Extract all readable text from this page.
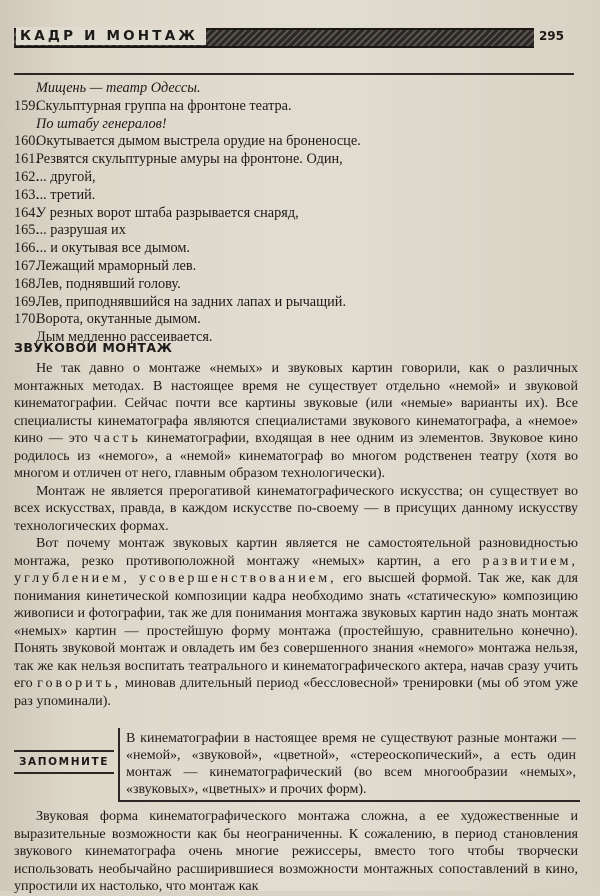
КАДР И МОНТАЖ	295
Мищень — театр Одессы.
159.Скульптурная группа на фронтоне театра.
По штабу генералов!
160.Окутывается дымом выстрела орудие на броненосце.
161.Резвятся скульптурные амуры на фронтоне. Один,
162.... другой,
163.... третий.
164.У резных ворот штаба разрывается снаряд,
165.... разрушая их
166.... и окутывая все дымом.
167.Лежащий мраморный лев.
168.Лев, поднявший голову.
169.Лев, приподнявшийся на задних лапах и рычащий.
170.Ворота, окутанные дымом.
Дым медленно рассеивается.
ЗВУКОВОЙ МОНТАЖ

Не так давно о монтаже «немых» и звуковых картин говорили, как о различных монтажных методах. В настоящее время не существует отдельно «немой» и звуковой кинематографии. Сейчас почти все картины звуковые (или «немые» варианты их). Все специалисты кинематографа являются специалистами звукового кинематографа, а «немое» кино — это часть кинематографии, входящая в нее одним из элементов. Звуковое кино родилось из «немого», а «немой» кинематограф во многом родственен театру (хотя во многом и отличен от него, главным образом технологически).

Монтаж не является прерогативой кинематографического искусства; он существует во всех искусствах, правда, в каждом искусстве по-своему — в присущих данному искусству технологических формах.

Вот почему монтаж звуковых картин является не самостоятельной разновидностью монтажа, резко противоположной монтажу «немых» картин, а его развитием, углублением, усовершенствованием, его высшей формой. Так же, как для понимания кинетической композиции кадра необходимо знать «статическую» композицию живописи и фотографии, так же для понимания монтажа звуковых картин надо знать монтаж «немых» картин — простейшую форму монтажа (простейшую, сравнительно конечно). Понять звуковой монтаж и овладеть им без совершенного знания «немого» монтажа нельзя, так же как нельзя воспитать театрального и кинематографического актера, начав сразу учить его говорить, миновав длительный период «бессловесной» тренировки (мы об этом уже раз упоминали).

ЗАПОМНИТЕ
В кинематографии в настоящее время не существуют разные монтажи — «немой», «звуковой», «цветной», «стереоскопический», а есть один монтаж — кинематографический (во всем многообразии «немых», «звуковых», «цветных» и прочих форм).

Звуковая форма кинематографического монтажа сложна, а ее художественные и выразительные возможности как бы неограниченны. К сожалению, в период становления звукового кинематографа очень многие режиссеры, вместо того чтобы творчески использовать необычайно расширившиеся возможности монтажных сопоставлений в кино, упростили их настолько, что монтаж как
